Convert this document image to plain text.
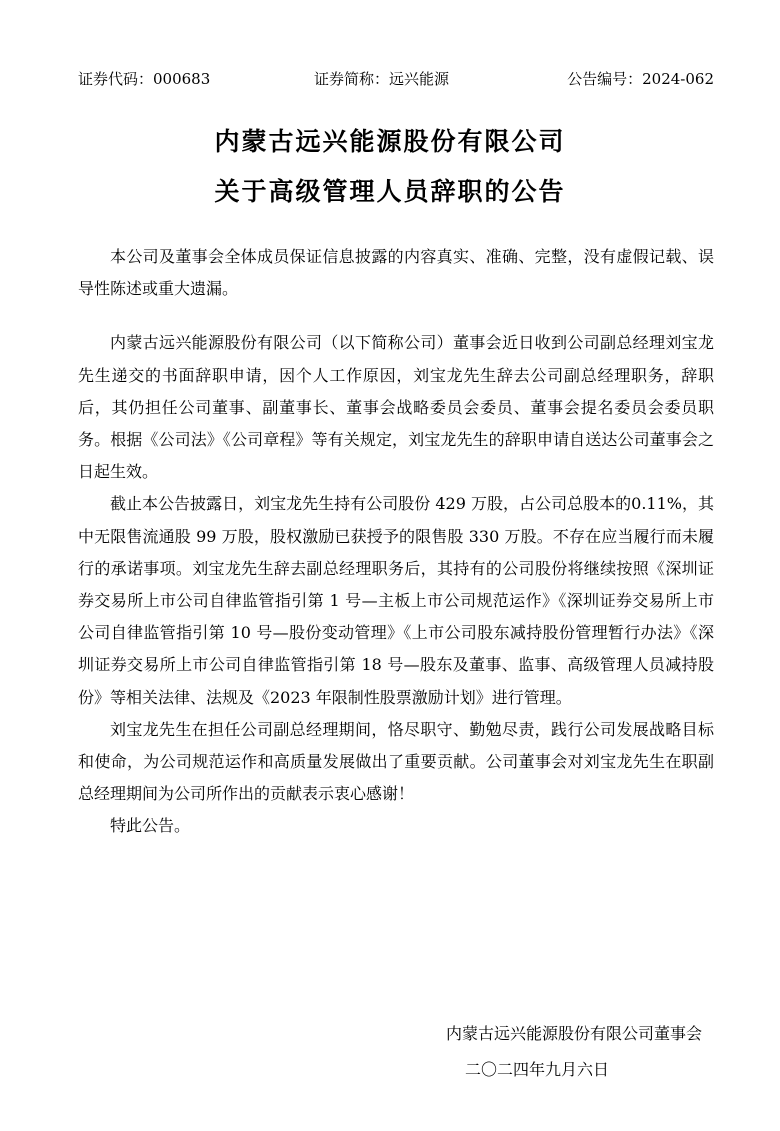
证券代码：000683	证券简称：远兴能源	公告编号：2024-062
内蒙古远兴能源股份有限公司
关于高级管理人员辞职的公告

本公司及董事会全体成员保证信息披露的内容真实、准确、完整，没有虚假记载、误导性陈述或重大遗漏。

内蒙古远兴能源股份有限公司（以下简称公司）董事会近日收到公司副总经理刘宝龙先生递交的书面辞职申请，因个人工作原因，刘宝龙先生辞去公司副总经理职务，辞职后，其仍担任公司董事、副董事长、董事会战略委员会委员、董事会提名委员会委员职务。根据《公司法》《公司章程》等有关规定，刘宝龙先生的辞职申请自送达公司董事会之日起生效。

截止本公告披露日，刘宝龙先生持有公司股份 429 万股，占公司总股本的0.11%，其中无限售流通股 99 万股，股权激励已获授予的限售股 330 万股。不存在应当履行而未履行的承诺事项。刘宝龙先生辞去副总经理职务后，其持有的公司股份将继续按照《深圳证券交易所上市公司自律监管指引第 1 号—主板上市公司规范运作》《深圳证券交易所上市公司自律监管指引第 10 号—股份变动管理》《上市公司股东减持股份管理暂行办法》《深圳证券交易所上市公司自律监管指引第 18 号—股东及董事、监事、高级管理人员减持股份》等相关法律、法规及《2023 年限制性股票激励计划》进行管理。

刘宝龙先生在担任公司副总经理期间，恪尽职守、勤勉尽责，践行公司发展战略目标和使命，为公司规范运作和高质量发展做出了重要贡献。公司董事会对刘宝龙先生在职副总经理期间为公司所作出的贡献表示衷心感谢！

特此公告。

内蒙古远兴能源股份有限公司董事会
二〇二四年九月六日
